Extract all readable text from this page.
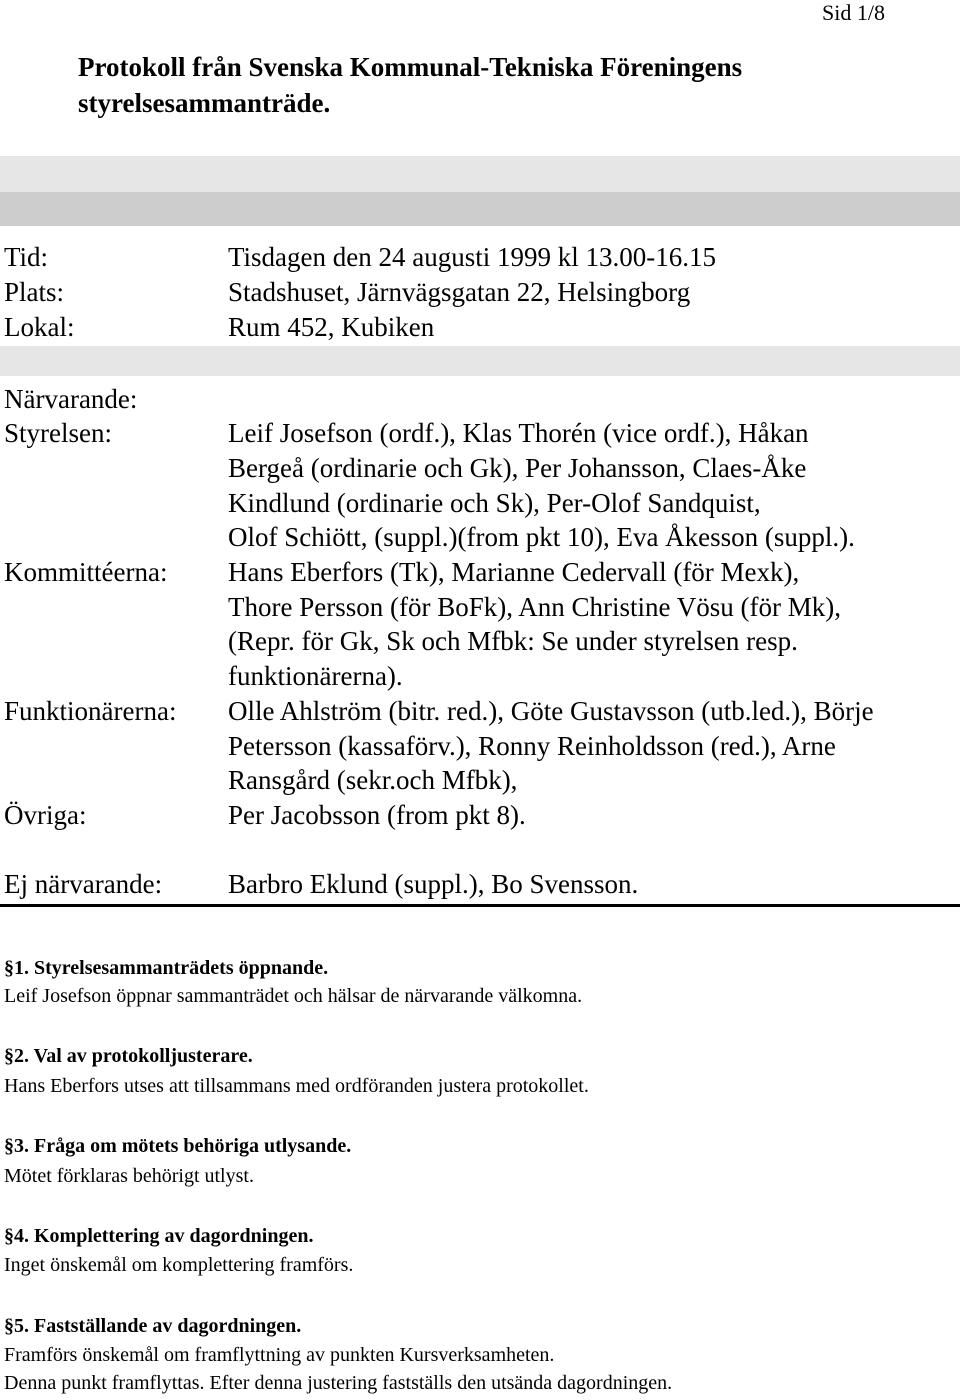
Sid 1/8
Protokoll från Svenska Kommunal-Tekniska Föreningens
styrelsesammanträde.
Tid:	Tisdagen den 24 augusti 1999 kl 13.00-16.15
Plats:	Stadshuset, Järnvägsgatan 22, Helsingborg
Lokal:	Rum 452, Kubiken
Närvarande:
Styrelsen:	Leif Josefson (ordf.), Klas Thorén (vice ordf.), Håkan
Bergeå (ordinarie och Gk), Per Johansson, Claes-Åke
Kindlund (ordinarie och Sk), Per-Olof Sandquist,
Olof Schiött, (suppl.)(from pkt 10), Eva Åkesson (suppl.).
Kommittéerna: Hans Eberfors (Tk), Marianne Cedervall (för Mexk),
Thore Persson (för BoFk), Ann Christine Vösu (för Mk),
(Repr. för Gk, Sk och Mfbk: Se under styrelsen resp.
funktionärerna).
Funktionärerna: Olle Ahlström (bitr. red.), Göte Gustavsson (utb.led.), Börje
Petersson (kassaförv.), Ronny Reinholdsson (red.), Arne
Ransgård (sekr.och Mfbk),
Övriga:	Per Jacobsson (from pkt 8).
Ej närvarande: Barbro Eklund (suppl.), Bo Svensson.
§1. Styrelsesammanträdets öppnande.
Leif Josefson öppnar sammanträdet och hälsar de närvarande välkomna.
§2. Val av protokolljusterare.
Hans Eberfors utses att tillsammans med ordföranden justera protokollet.
§3. Fråga om mötets behöriga utlysande.
Mötet förklaras behörigt utlyst.
§4. Komplettering av dagordningen.
Inget önskemål om komplettering framförs.
§5. Fastställande av dagordningen.
Framförs önskemål om framflyttning av punkten Kursverksamheten.
Denna punkt framflyttas. Efter denna justering fastställs den utsända dagordningen.
